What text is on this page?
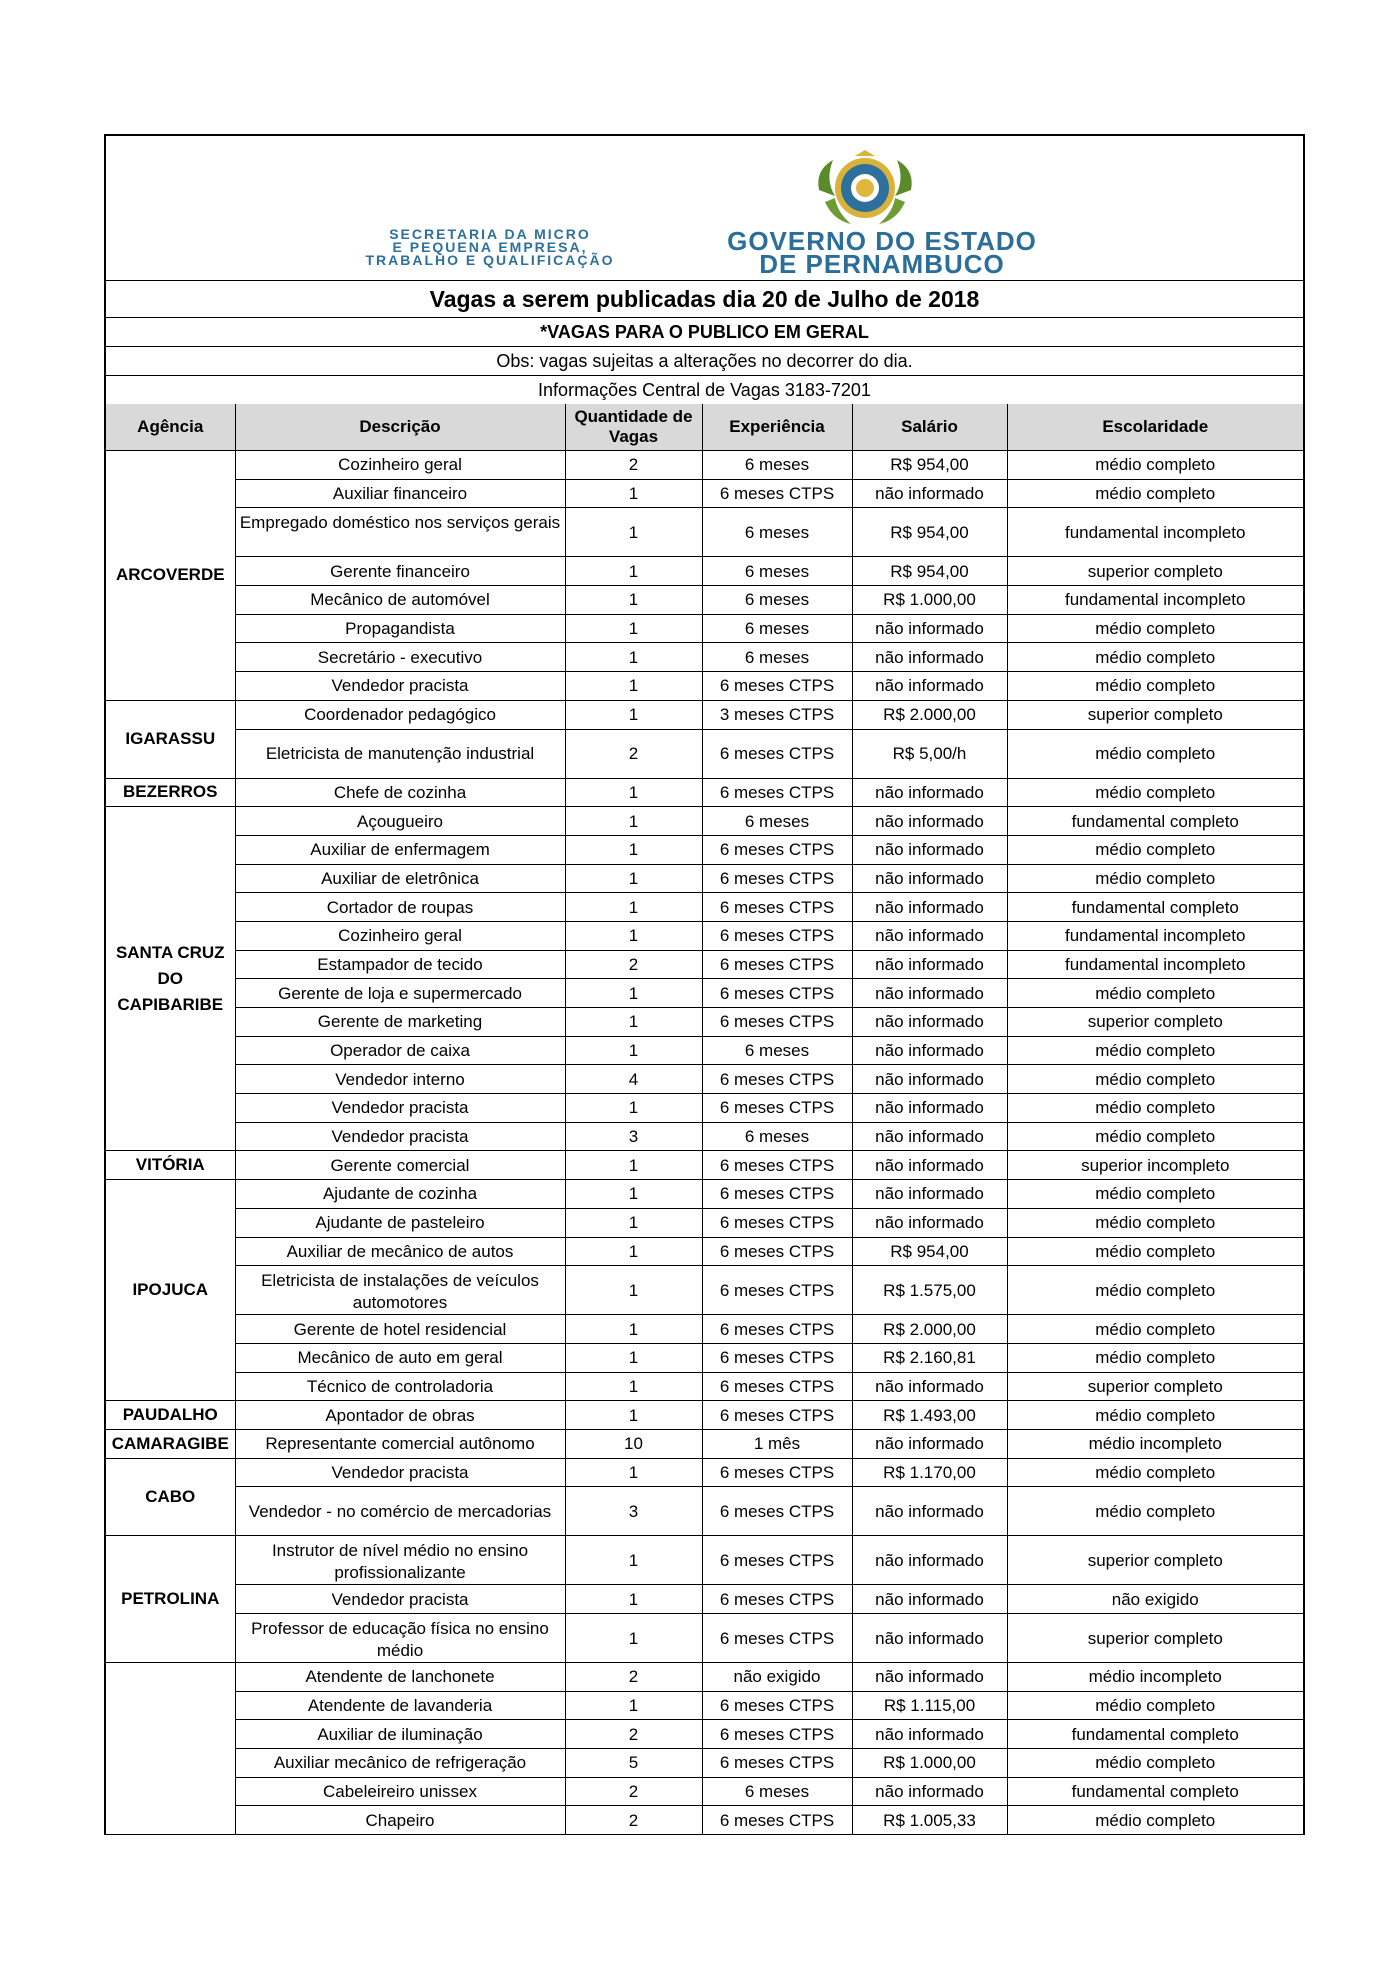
SECRETARIA DA MICRO
E PEQUENA EMPRESA,
TRABALHO E QUALIFICAÇÃO
GOVERNO DO ESTADO
DE PERNAMBUCO
Vagas a serem publicadas dia 20 de Julho de 2018
*VAGAS PARA O PUBLICO EM GERAL
Obs: vagas sujeitas a alterações no decorrer do dia.
Informações Central de Vagas 3183-7201
Agência	Descrição	Quantidade de Vagas	Experiência	Salário	Escolaridade
ARCOVERDE	Cozinheiro geral	2	6 meses	R$ 954,00	médio completo
	Auxiliar financeiro	1	6 meses CTPS	não informado	médio completo

	Empregado doméstico nos serviços gerais	1	6 meses	R$ 954,00	fundamental incompleto
	Gerente financeiro	1	6 meses	R$ 954,00	superior completo
	Mecânico de automóvel	1	6 meses	R$ 1.000,00	fundamental incompleto
	Propagandista	1	6 meses	não informado	médio completo
	Secretário - executivo	1	6 meses	não informado	médio completo
	Vendedor pracista	1	6 meses CTPS	não informado	médio completo
IGARASSU	Coordenador pedagógico	1	3 meses CTPS	R$ 2.000,00	superior completo
	Eletricista de manutenção industrial	2	6 meses CTPS	R$ 5,00/h	médio completo
BEZERROS	Chefe de cozinha	1	6 meses CTPS	não informado	médio completo
SANTA CRUZ DO CAPIBARIBE	Açougueiro	1	6 meses	não informado	fundamental completo
	Auxiliar de enfermagem	1	6 meses CTPS	não informado	médio completo
	Auxiliar de eletrônica	1	6 meses CTPS	não informado	médio completo
	Cortador de roupas	1	6 meses CTPS	não informado	fundamental completo
	Cozinheiro geral	1	6 meses CTPS	não informado	fundamental incompleto
	Estampador de tecido	2	6 meses CTPS	não informado	fundamental incompleto
	Gerente de loja e supermercado	1	6 meses CTPS	não informado	médio completo
	Gerente de marketing	1	6 meses CTPS	não informado	superior completo
	Operador de caixa	1	6 meses	não informado	médio completo
	Vendedor interno	4	6 meses CTPS	não informado	médio completo
	Vendedor pracista	1	6 meses CTPS	não informado	médio completo
	Vendedor pracista	3	6 meses	não informado	médio completo
VITÓRIA	Gerente comercial	1	6 meses CTPS	não informado	superior incompleto
IPOJUCA	Ajudante de cozinha	1	6 meses CTPS	não informado	médio completo
	Ajudante de pasteleiro	1	6 meses CTPS	não informado	médio completo
	Auxiliar de mecânico de autos	1	6 meses CTPS	R$ 954,00	médio completo

	Eletricista de instalações de veículos automotores	1	6 meses CTPS	R$ 1.575,00	médio completo
	Gerente de hotel residencial	1	6 meses CTPS	R$ 2.000,00	médio completo
	Mecânico de auto em geral	1	6 meses CTPS	R$ 2.160,81	médio completo
	Técnico de controladoria	1	6 meses CTPS	não informado	superior completo
PAUDALHO	Apontador de obras	1	6 meses CTPS	R$ 1.493,00	médio completo
CAMARAGIBE	Representante comercial autônomo	10	1 mês	não informado	médio incompleto
CABO	Vendedor pracista	1	6 meses CTPS	R$ 1.170,00	médio completo
	Vendedor - no comércio de mercadorias	3	6 meses CTPS	não informado	médio completo
PETROLINA	Instrutor de nível médio no ensino profissionalizante	1	6 meses CTPS	não informado	superior completo
	Vendedor pracista	1	6 meses CTPS	não informado	não exigido

	Professor de educação física no ensino médio	1	6 meses CTPS	não informado	superior completo
	Atendente de lanchonete	2	não exigido	não informado	médio incompleto
	Atendente de lavanderia	1	6 meses CTPS	R$ 1.115,00	médio completo
	Auxiliar de iluminação	2	6 meses CTPS	não informado	fundamental completo
	Auxiliar mecânico de refrigeração	5	6 meses CTPS	R$ 1.000,00	médio completo
	Cabeleireiro unissex	2	6 meses	não informado	fundamental completo
	Chapeiro	2	6 meses CTPS	R$ 1.005,33	médio completo
